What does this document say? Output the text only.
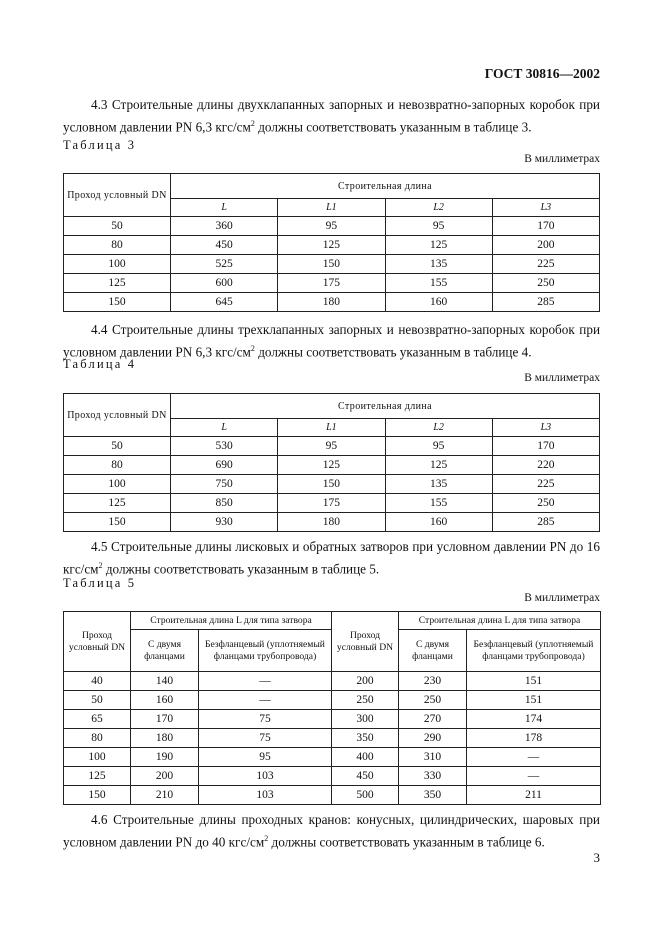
ГОСТ 30816—2002

4.3 Строительные длины двухклапанных запорных и невозвратно-запорных коробок при условном давлении PN 6,3 кгс/$см^2$ должны соответствовать указанным в таблице 3.

Таблица 3
В миллиметрах
Проход условный DN	Строительная длина			
	L	L1	L2	L3
50	360	95	95	170
80	450	125	125	200
100	525	150	135	225
125	600	175	155	250
150	645	180	160	285

4.4 Строительные длины трехклапанных запорных и невозвратно-запорных коробок при условном давлении PN 6,3 кгс/$см^2$ должны соответствовать указанным в таблице 4.

Таблица 4
В миллиметрах
Проход условный DN	Строительная длина			
	L	L1	L2	L3
50	530	95	95	170
80	690	125	125	220
100	750	150	135	225
125	850	175	155	250
150	930	180	160	285

4.5 Строительные длины лисковых и обратных затворов при условном давлении PN до 16 кгс/$см^2$ должны соответствовать указанным в таблице 5.

Таблица 5
В миллиметрах
Проход условный DN	Строительная длина L для типа затвора		Проход условный DN	Строительная длина L для типа затвора	
	С двумя фланцами	Безфланцевый (уплотняемый фланцами трубопровода)		С двумя фланцами	Безфланцевый (уплотняемый фланцами трубопровода)
40	140	—	200	230	151
50	160	—	250	250	151
65	170	75	300	270	174
80	180	75	350	290	178
100	190	95	400	310	—
125	200	103	450	330	—
150	210	103	500	350	211

4.6 Строительные длины проходных кранов: конусных, цилиндрических, шаровых при условном давлении PN до 40 кгс/$см^2$ должны соответствовать указанным в таблице 6.

3
